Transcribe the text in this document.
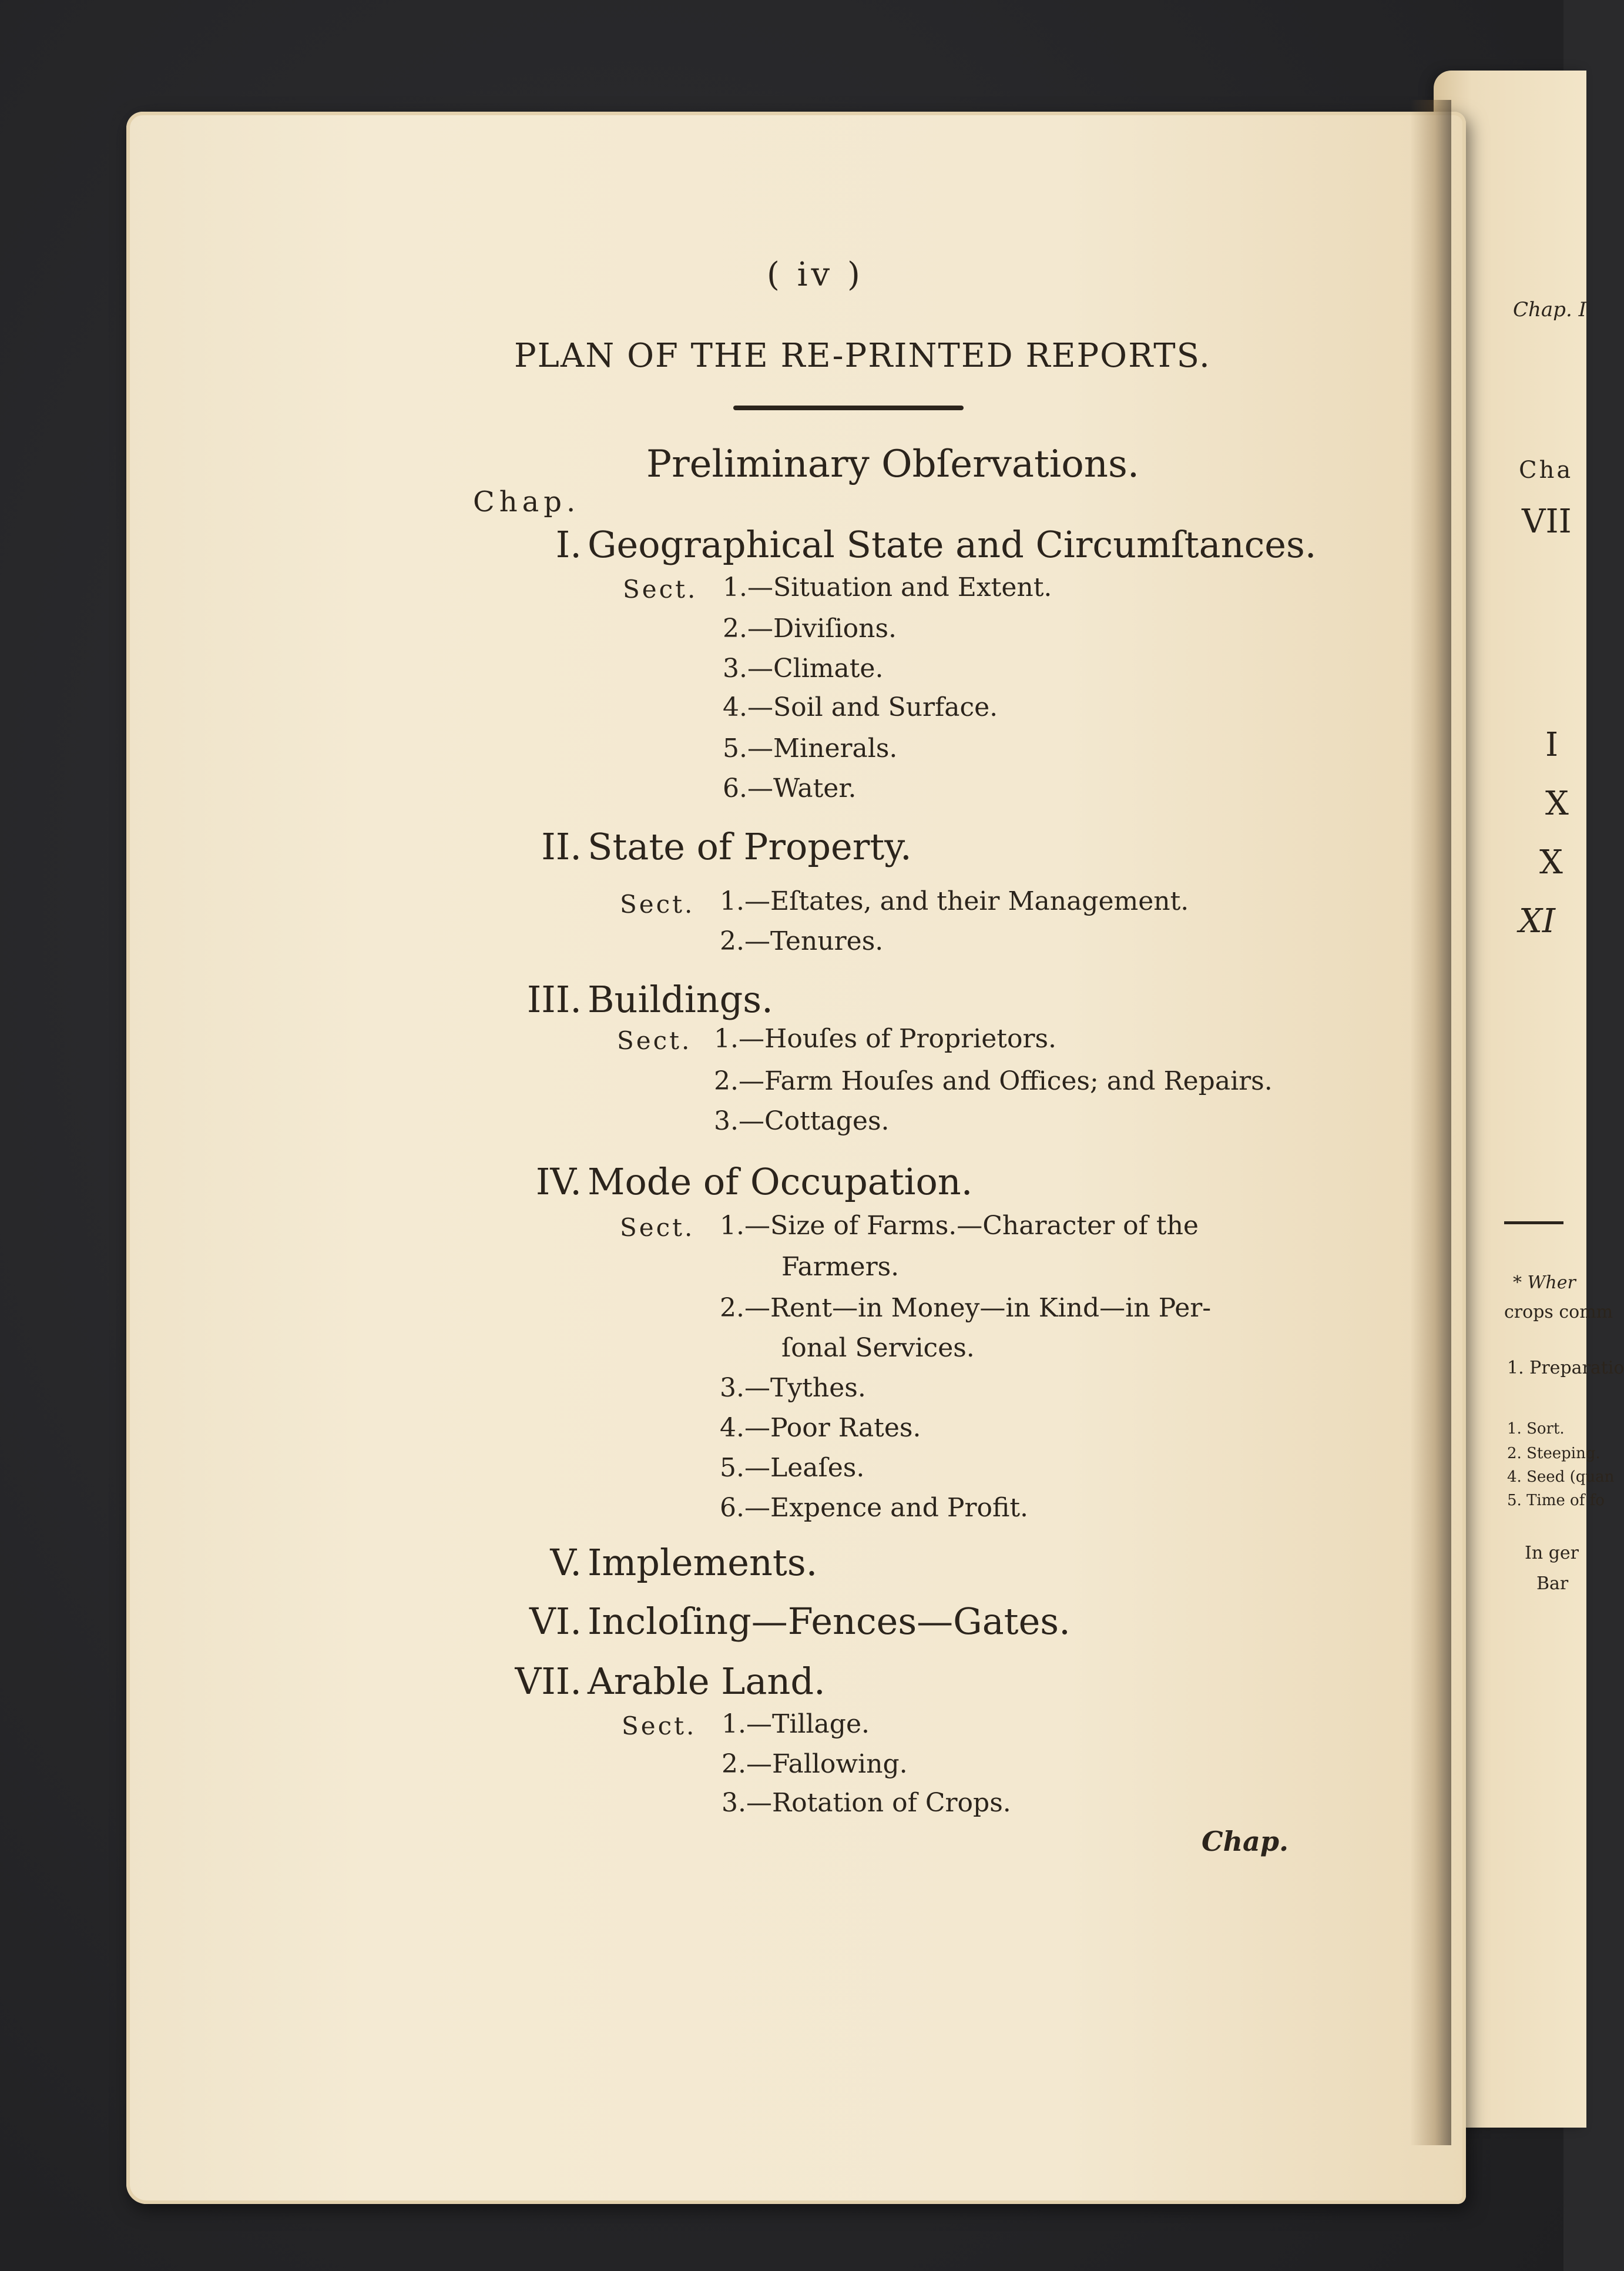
Chap. I
Cha
VII
I
X
X
XI
* Wher
crops comm
1. Preparatio
1. Sort.
2. Steeping.
4. Seed (quan
5. Time of fo
In ger
Bar
( iv )
PLAN OF THE RE-PRINTED REPORTS.
Preliminary Obſervations.
Chap.
I. Geographical State and Circumſtances.
Sect. 1.—Situation and Extent.
2.—Diviſions.
3.—Climate.
4.—Soil and Surface.
5.—Minerals.
6.—Water.
II. State of Property.
Sect. 1.—Eſtates, and their Management.
2.—Tenures.
III. Buildings.
Sect. 1.—Houſes of Proprietors.
2.—Farm Houſes and Offices; and Repairs.
3.—Cottages.
IV. Mode of Occupation.
Sect. 1.—Size of Farms.—Character of the
Farmers.
2.—Rent—in Money—in Kind—in Per-
ſonal Services.
3.—Tythes.
4.—Poor Rates.
5.—Leaſes.
6.—Expence and Profit.
V. Implements.
VI. Incloſing—Fences—Gates.
VII. Arable Land.
Sect. 1.—Tillage.
2.—Fallowing.
3.—Rotation of Crops.
Chap.
